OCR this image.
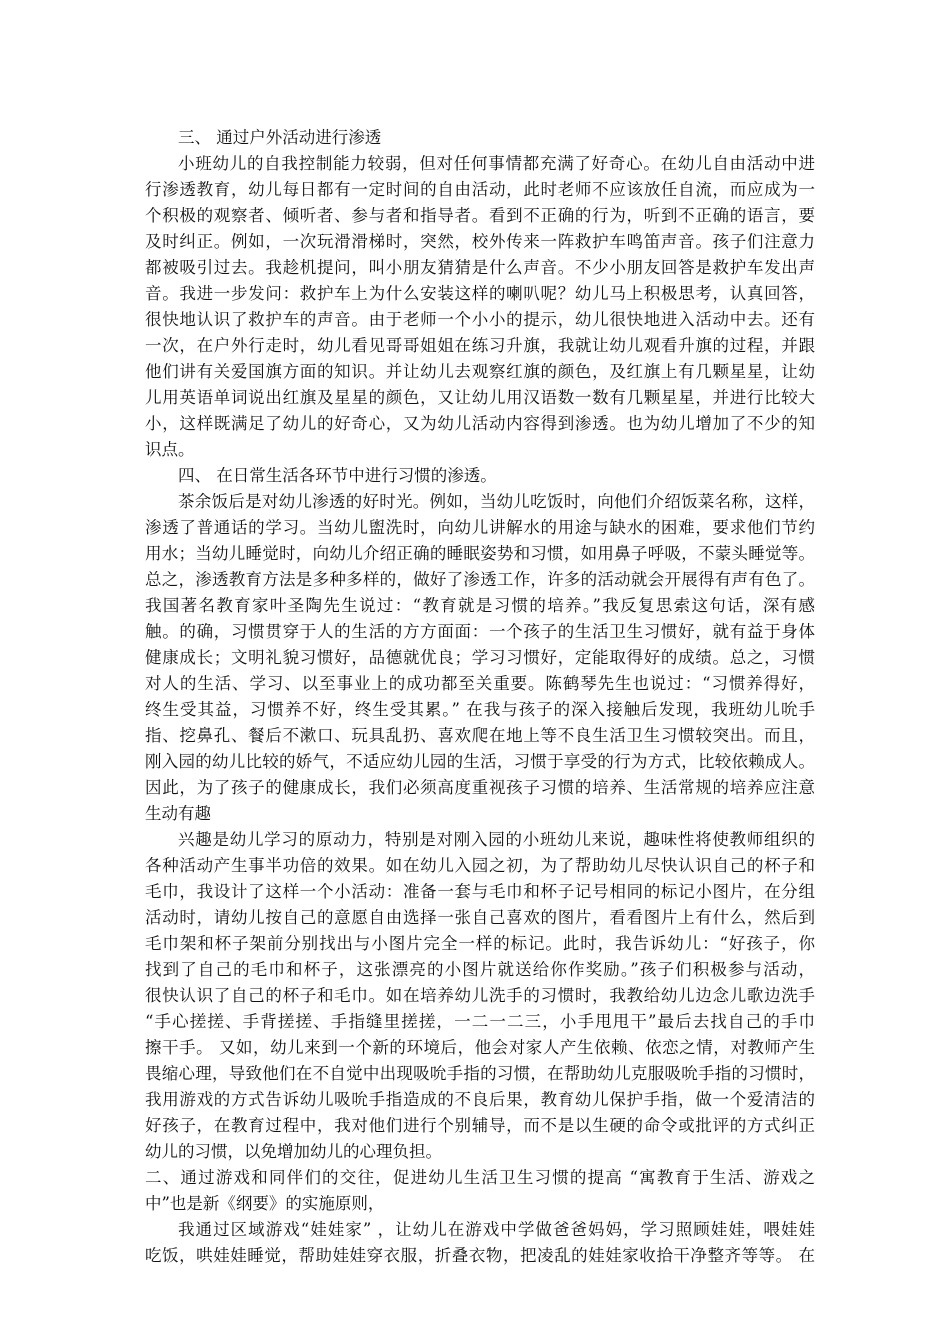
三、 通过户外活动进行渗透
小班幼儿的自我控制能力较弱，但对任何事情都充满了好奇心。在幼儿自由活动中进
行渗透教育，幼儿每日都有一定时间的自由活动，此时老师不应该放任自流，而应成为一
个积极的观察者、倾听者、参与者和指导者。看到不正确的行为，听到不正确的语言，要
及时纠正。例如，一次玩滑滑梯时，突然，校外传来一阵救护车鸣笛声音。孩子们注意力
都被吸引过去。我趁机提问，叫小朋友猜猜是什么声音。不少小朋友回答是救护车发出声
音。我进一步发问：救护车上为什么安装这样的喇叭呢？幼儿马上积极思考，认真回答，
很快地认识了救护车的声音。由于老师一个小小的提示，幼儿很快地进入活动中去。还有
一次，在户外行走时，幼儿看见哥哥姐姐在练习升旗，我就让幼儿观看升旗的过程，并跟
他们讲有关爱国旗方面的知识。并让幼儿去观察红旗的颜色，及红旗上有几颗星星，让幼
儿用英语单词说出红旗及星星的颜色，又让幼儿用汉语数一数有几颗星星，并进行比较大
小，这样既满足了幼儿的好奇心，又为幼儿活动内容得到渗透。也为幼儿增加了不少的知
识点。
四、 在日常生活各环节中进行习惯的渗透。
茶余饭后是对幼儿渗透的好时光。例如，当幼儿吃饭时，向他们介绍饭菜名称，这样，
渗透了普通话的学习。当幼儿盥洗时，向幼儿讲解水的用途与缺水的困难，要求他们节约
用水；当幼儿睡觉时，向幼儿介绍正确的睡眠姿势和习惯，如用鼻子呼吸，不蒙头睡觉等。
总之，渗透教育方法是多种多样的，做好了渗透工作，许多的活动就会开展得有声有色了。
我国著名教育家叶圣陶先生说过：“教育就是习惯的培养。”我反复思索这句话，深有感
触。的确，习惯贯穿于人的生活的方方面面：一个孩子的生活卫生习惯好，就有益于身体
健康成长；文明礼貌习惯好，品德就优良；学习习惯好，定能取得好的成绩。总之，习惯
对人的生活、学习、以至事业上的成功都至关重要。陈鹤琴先生也说过：“习惯养得好，
终生受其益，习惯养不好，终生受其累。” 在我与孩子的深入接触后发现，我班幼儿吮手
指、挖鼻孔、餐后不漱口、玩具乱扔、喜欢爬在地上等不良生活卫生习惯较突出。而且，
刚入园的幼儿比较的娇气，不适应幼儿园的生活，习惯于享受的行为方式，比较依赖成人。
因此，为了孩子的健康成长，我们必须高度重视孩子习惯的培养、生活常规的培养应注意
生动有趣
兴趣是幼儿学习的原动力，特别是对刚入园的小班幼儿来说，趣味性将使教师组织的
各种活动产生事半功倍的效果。如在幼儿入园之初，为了帮助幼儿尽快认识自己的杯子和
毛巾，我设计了这样一个小活动：准备一套与毛巾和杯子记号相同的标记小图片，在分组
活动时，请幼儿按自己的意愿自由选择一张自己喜欢的图片，看看图片上有什么，然后到
毛巾架和杯子架前分别找出与小图片完全一样的标记。此时，我告诉幼儿：“好孩子，你
找到了自己的毛巾和杯子，这张漂亮的小图片就送给你作奖励。”孩子们积极参与活动，
很快认识了自己的杯子和毛巾。如在培养幼儿洗手的习惯时，我教给幼儿边念儿歌边洗手
“手心搓搓、手背搓搓、手指缝里搓搓，一二一二三，小手甩甩干”最后去找自己的手巾
擦干手。 又如，幼儿来到一个新的环境后，他会对家人产生依赖、依恋之情，对教师产生
畏缩心理，导致他们在不自觉中出现吸吮手指的习惯，在帮助幼儿克服吸吮手指的习惯时，
我用游戏的方式告诉幼儿吸吮手指造成的不良后果，教育幼儿保护手指，做一个爱清洁的
好孩子，在教育过程中，我对他们进行个别辅导，而不是以生硬的命令或批评的方式纠正
幼儿的习惯，以免增加幼儿的心理负担。
二、通过游戏和同伴们的交往，促进幼儿生活卫生习惯的提高 “寓教育于生活、游戏之
中”也是新《纲要》的实施原则，
我通过区域游戏“娃娃家” ，让幼儿在游戏中学做爸爸妈妈，学习照顾娃娃，喂娃娃
吃饭，哄娃娃睡觉，帮助娃娃穿衣服，折叠衣物，把凌乱的娃娃家收拾干净整齐等等。 在
